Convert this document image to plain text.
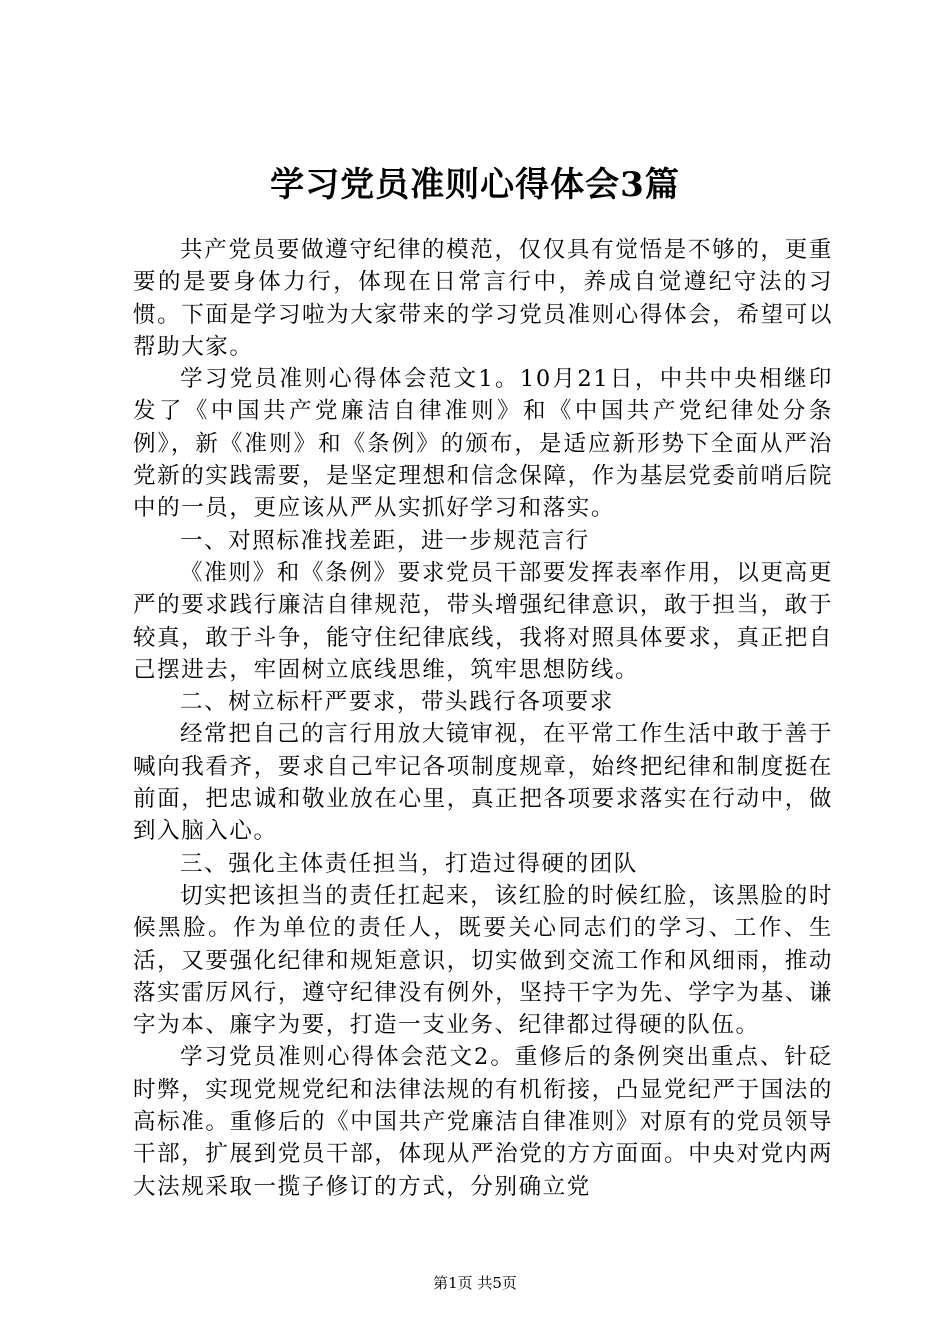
学习党员准则心得体会3篇

共产党员要做遵守纪律的模范，仅仅具有觉悟是不够的，更重要的是要身体力行，体现在日常言行中，养成自觉遵纪守法的习惯。下面是学习啦为大家带来的学习党员准则心得体会，希望可以帮助大家。

学习党员准则心得体会范文1。10月21日，中共中央相继印发了《中国共产党廉洁自律准则》和《中国共产党纪律处分条例》，新《准则》和《条例》的颁布，是适应新形势下全面从严治党新的实践需要，是坚定理想和信念保障，作为基层党委前哨后院中的一员，更应该从严从实抓好学习和落实。

一、对照标准找差距，进一步规范言行

《准则》和《条例》要求党员干部要发挥表率作用，以更高更严的要求践行廉洁自律规范，带头增强纪律意识，敢于担当，敢于较真，敢于斗争，能守住纪律底线，我将对照具体要求，真正把自己摆进去，牢固树立底线思维，筑牢思想防线。

二、树立标杆严要求，带头践行各项要求

经常把自己的言行用放大镜审视，在平常工作生活中敢于善于喊向我看齐，要求自己牢记各项制度规章，始终把纪律和制度挺在前面，把忠诚和敬业放在心里，真正把各项要求落实在行动中，做到入脑入心。

三、强化主体责任担当，打造过得硬的团队

切实把该担当的责任扛起来，该红脸的时候红脸，该黑脸的时候黑脸。作为单位的责任人，既要关心同志们的学习、工作、生活，又要强化纪律和规矩意识，切实做到交流工作和风细雨，推动落实雷厉风行，遵守纪律没有例外，坚持干字为先、学字为基、谦字为本、廉字为要，打造一支业务、纪律都过得硬的队伍。

学习党员准则心得体会范文2。重修后的条例突出重点、针砭时弊，实现党规党纪和法律法规的有机衔接，凸显党纪严于国法的高标准。重修后的《中国共产党廉洁自律准则》对原有的党员领导干部，扩展到党员干部，体现从严治党的方方面面。中央对党内两大法规采取一揽子修订的方式，分别确立党

第1页 共5页
